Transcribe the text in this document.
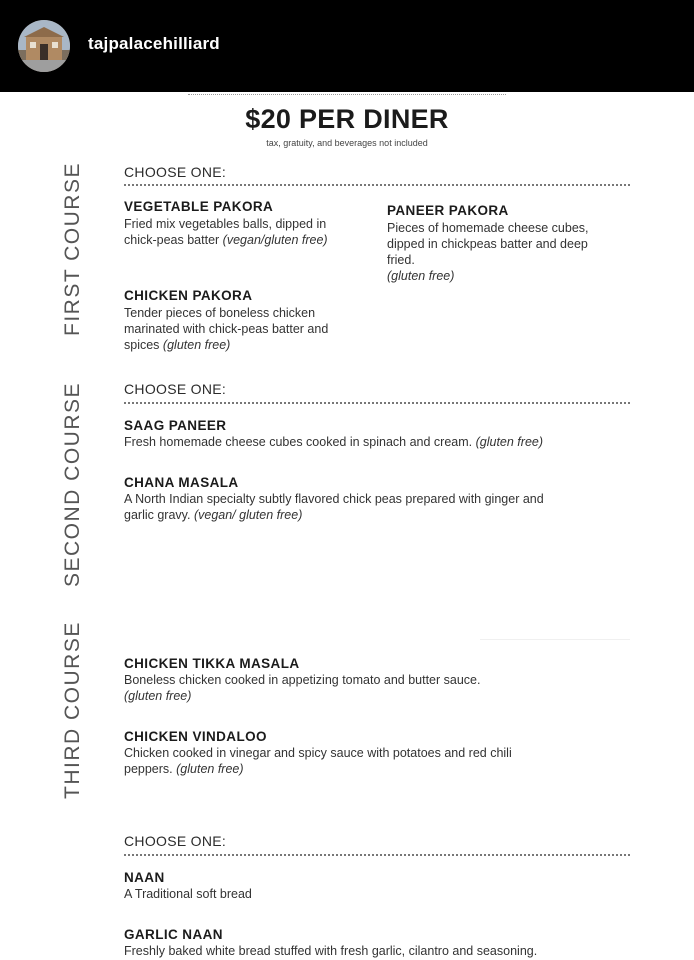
tajpalacehilliard
$20 PER DINER
tax, gratuity, and beverages not included
FIRST COURSE
SECOND COURSE
THIRD COURSE
CHOOSE ONE:
VEGETABLE PAKORA
Fried mix vegetables balls, dipped in chick-peas batter (vegan/gluten free)
PANEER PAKORA
Pieces of homemade cheese cubes, dipped in chickpeas batter and deep fried.
(gluten free)
CHICKEN PAKORA
Tender pieces of boneless chicken marinated with chick-peas batter and spices (gluten free)
CHOOSE ONE:
SAAG PANEER
Fresh homemade cheese cubes cooked in spinach and cream. (gluten free)
CHANA MASALA
A North Indian specialty subtly flavored chick peas prepared with ginger and garlic gravy. (vegan/ gluten free)
CHICKEN TIKKA MASALA
Boneless chicken cooked in appetizing tomato and butter sauce.
(gluten free)
CHICKEN VINDALOO
Chicken cooked in vinegar and spicy sauce with potatoes and red chili peppers. (gluten free)
CHOOSE ONE:
NAAN
A Traditional soft bread
GARLIC NAAN
Freshly baked white bread stuffed with fresh garlic, cilantro and seasoning.
